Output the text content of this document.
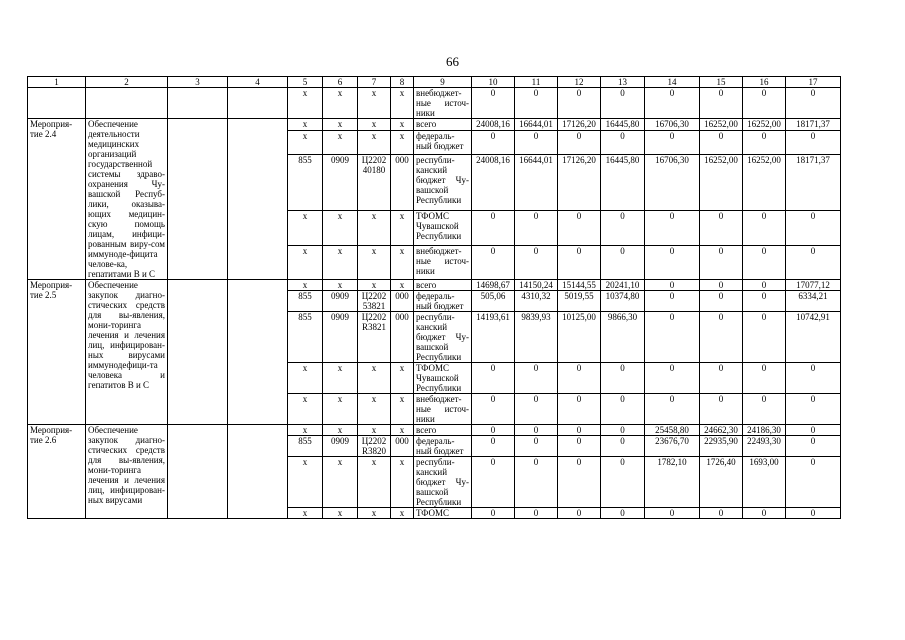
66
1	2	3	4	5	6	7	8	9	10	11	12	13	14	15	16	17
				х	х	х	х	внебюджет-ные источ-ники	0	0	0	0	0	0	0	0
Мероприя-тие 2.4	Обеспечение деятельности медицинских организаций государственной системы здраво-охранения Чу-вашской Респуб-лики, оказыва-ющих медицин-скую помощь лицам, инфици-рованным виру-сом иммуноде-фицита челове-ка, гепатитами В и С			х	х	х	х	всего	24008,16	16644,01	17126,20	16445,80	16706,30	16252,00	16252,00	18171,37
				х	х	х	х	федераль-ный бюджет	0	0	0	0	0	0	0	0
				855	0909	Ц2202 40180	000	республи-канский бюджет Чу-вашской Республики	24008,16	16644,01	17126,20	16445,80	16706,30	16252,00	16252,00	18171,37
				х	х	х	х	ТФОМС Чувашской Республики	0	0	0	0	0	0	0	0
				х	х	х	х	внебюджет-ные источ-ники	0	0	0	0	0	0	0	0
Мероприя-тие 2.5	Обеспечение закупок диагно-стических средств для вы-явления, мони-торинга лечения и лечения лиц, инфицирован-ных вирусами иммунодефици-та человека и гепатитов В и С			х	х	х	х	всего	14698,67	14150,24	15144,55	20241,10	0	0	0	17077,12
				855	0909	Ц2202 53821	000	федераль-ный бюджет	505,06	4310,32	5019,55	10374,80	0	0	0	6334,21
				855	0909	Ц2202 R3821	000	республи-канский бюджет Чу-вашской Республики	14193,61	9839,93	10125,00	9866,30	0	0	0	10742,91
				х	х	х	х	ТФОМС Чувашской Республики	0	0	0	0	0	0	0	0
				х	х	х	х	внебюджет-ные источ-ники	0	0	0	0	0	0	0	0
Мероприя-тие 2.6	Обеспечение закупок диагно-стических средств для вы-явления, мони-торинга лечения и лечения лиц, инфицирован-ных вирусами			х	х	х	х	всего	0	0	0	0	25458,80	24662,30	24186,30	0
				855	0909	Ц2202 R3820	000	федераль-ный бюджет	0	0	0	0	23676,70	22935,90	22493,30	0
				х	х	х	х	республи-канский бюджет Чу-вашской Республики	0	0	0	0	1782,10	1726,40	1693,00	0
				х	х	х	х	ТФОМС	0	0	0	0	0	0	0	0
